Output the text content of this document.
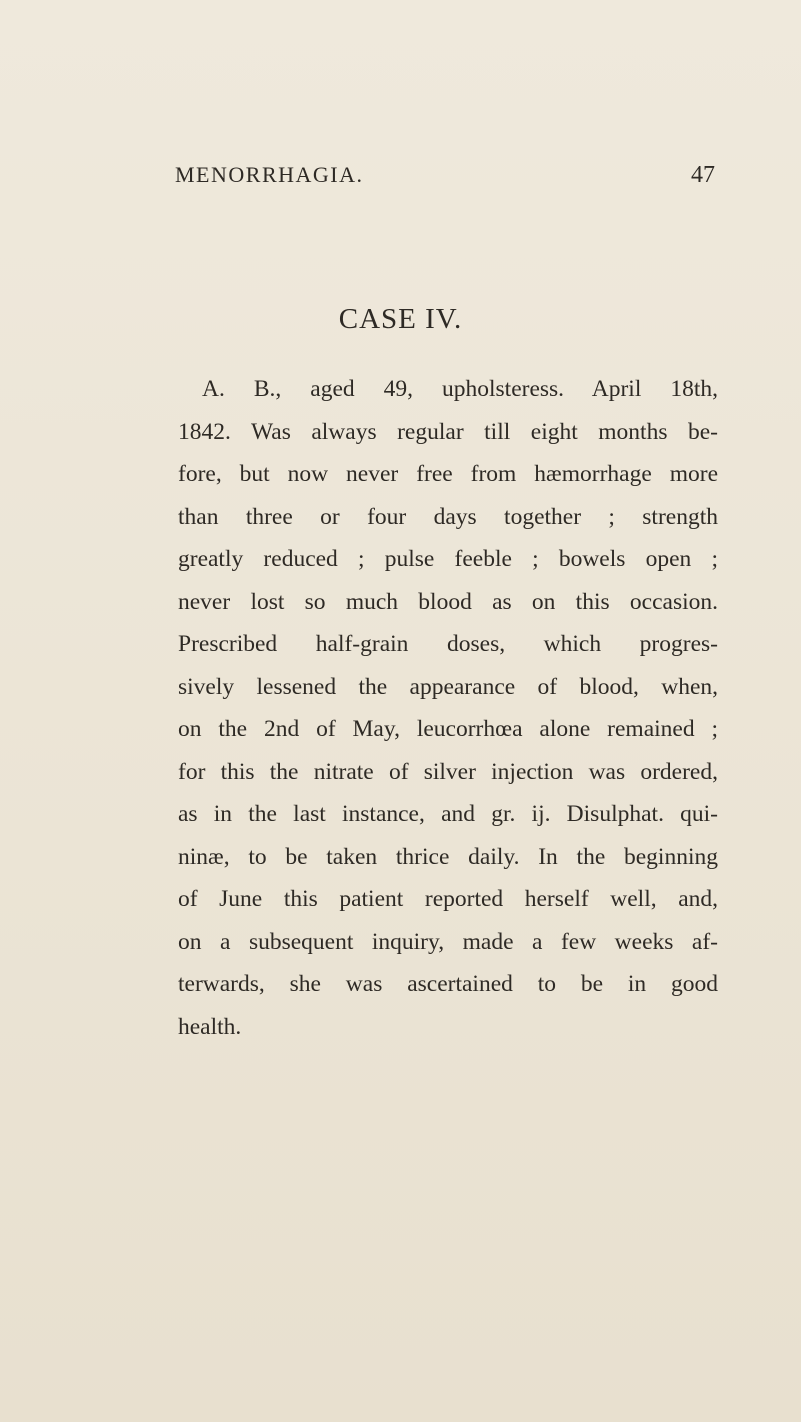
MENORRHAGIA.	47
CASE IV.
A. B., aged 49, upholsteress. April 18th,
1842. Was always regular till eight months be-
fore, but now never free from hæmorrhage more
than three or four days together ; strength
greatly reduced ; pulse feeble ; bowels open ;
never lost so much blood as on this occasion.
Prescribed half-grain doses, which progres-
sively lessened the appearance of blood, when,
on the 2nd of May, leucorrhœa alone remained ;
for this the nitrate of silver injection was ordered,
as in the last instance, and gr. ij. Disulphat. qui-
ninæ, to be taken thrice daily. In the beginning
of June this patient reported herself well, and,
on a subsequent inquiry, made a few weeks af-
terwards, she was ascertained to be in good
health.
